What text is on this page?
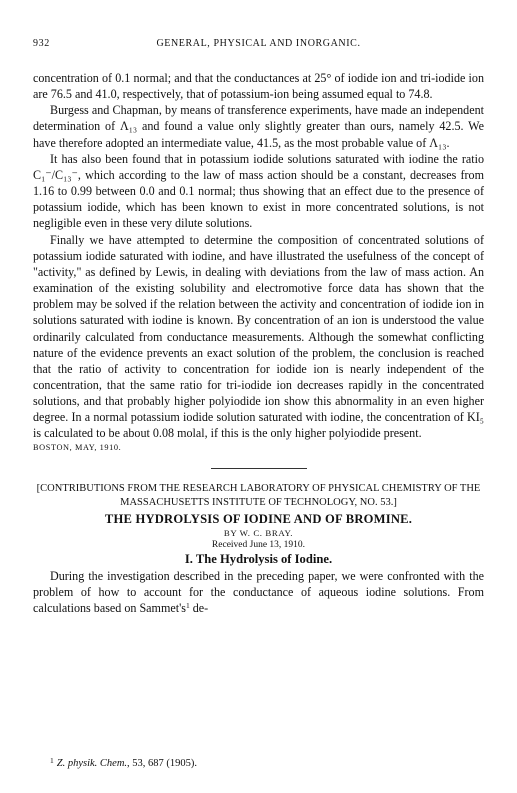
932	GENERAL, PHYSICAL AND INORGANIC.

concentration of 0.1 normal; and that the conductances at 25° of iodide ion and tri-iodide ion are 76.5 and 41.0, respectively, that of potassium-ion being assumed equal to 74.8.

Burgess and Chapman, by means of transference experiments, have made an independent determination of Λ₁₃ and found a value only slightly greater than ours, namely 42.5. We have therefore adopted an intermediate value, 41.5, as the most probable value of Λ₁₃.

It has also been found that in potassium iodide solutions saturated with iodine the ratio C₁⁻/C₁₃⁻, which according to the law of mass action should be a constant, decreases from 1.16 to 0.99 between 0.0 and 0.1 normal; thus showing that an effect due to the presence of potassium iodide, which has been known to exist in more concentrated solutions, is not negligible even in these very dilute solutions.

Finally we have attempted to determine the composition of concentrated solutions of potassium iodide saturated with iodine, and have illustrated the usefulness of the concept of "activity," as defined by Lewis, in dealing with deviations from the law of mass action. An examination of the existing solubility and electromotive force data has shown that the problem may be solved if the relation between the activity and concentration of iodide ion in solutions saturated with iodine is known. By concentration of an ion is understood the value ordinarily calculated from conductance measurements. Although the somewhat conflicting nature of the evidence prevents an exact solution of the problem, the conclusion is reached that the ratio of activity to concentration for iodide ion is nearly independent of the concentration, that the same ratio for tri-iodide ion decreases rapidly in the concentrated solutions, and that probably higher polyiodide ion show this abnormality in an even higher degree. In a normal potassium iodide solution saturated with iodine, the concentration of KI₅ is calculated to be about 0.08 molal, if this is the only higher polyiodide present.

BOSTON, MAY, 1910.

[CONTRIBUTIONS FROM THE RESEARCH LABORATORY OF PHYSICAL CHEMISTRY OF THE
MASSACHUSETTS INSTITUTE OF TECHNOLOGY, NO. 53.]

THE HYDROLYSIS OF IODINE AND OF BROMINE.

BY W. C. BRAY.

Received June 13, 1910.

I. The Hydrolysis of Iodine.

During the investigation described in the preceding paper, we were confronted with the problem of how to account for the conductance of aqueous iodine solutions. From calculations based on Sammet's$^1$ de-

$^1$ Z. physik. Chem., 53, 687 (1905).
